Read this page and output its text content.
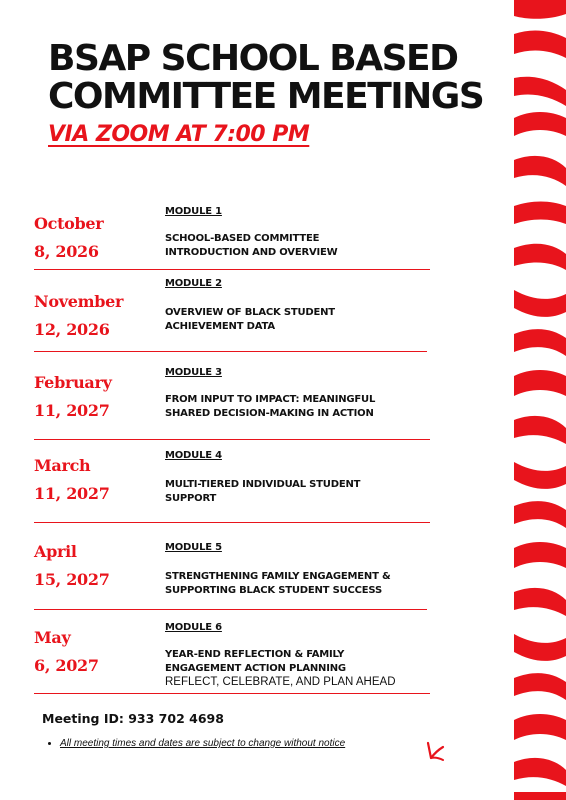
BSAP SCHOOL BASED
COMMITTEE MEETINGS
VIA ZOOM AT 7:00 PM
October
8, 2026
MODULE 1
SCHOOL-BASED COMMITTEE
INTRODUCTION AND OVERVIEW
November
12, 2026
MODULE 2
OVERVIEW OF BLACK STUDENT
ACHIEVEMENT DATA
February
11, 2027
MODULE 3
FROM INPUT TO IMPACT: MEANINGFUL
SHARED DECISION-MAKING IN ACTION
March
11, 2027
MODULE 4
MULTI-TIERED INDIVIDUAL STUDENT
SUPPORT
April
15, 2027
MODULE 5
STRENGTHENING FAMILY ENGAGEMENT &
SUPPORTING BLACK STUDENT SUCCESS
May
6, 2027
MODULE 6
YEAR-END REFLECTION & FAMILY
ENGAGEMENT ACTION PLANNING
REFLECT, CELEBRATE, AND PLAN AHEAD
Meeting ID: 933 702 4698
• All meeting times and dates are subject to change without notice
